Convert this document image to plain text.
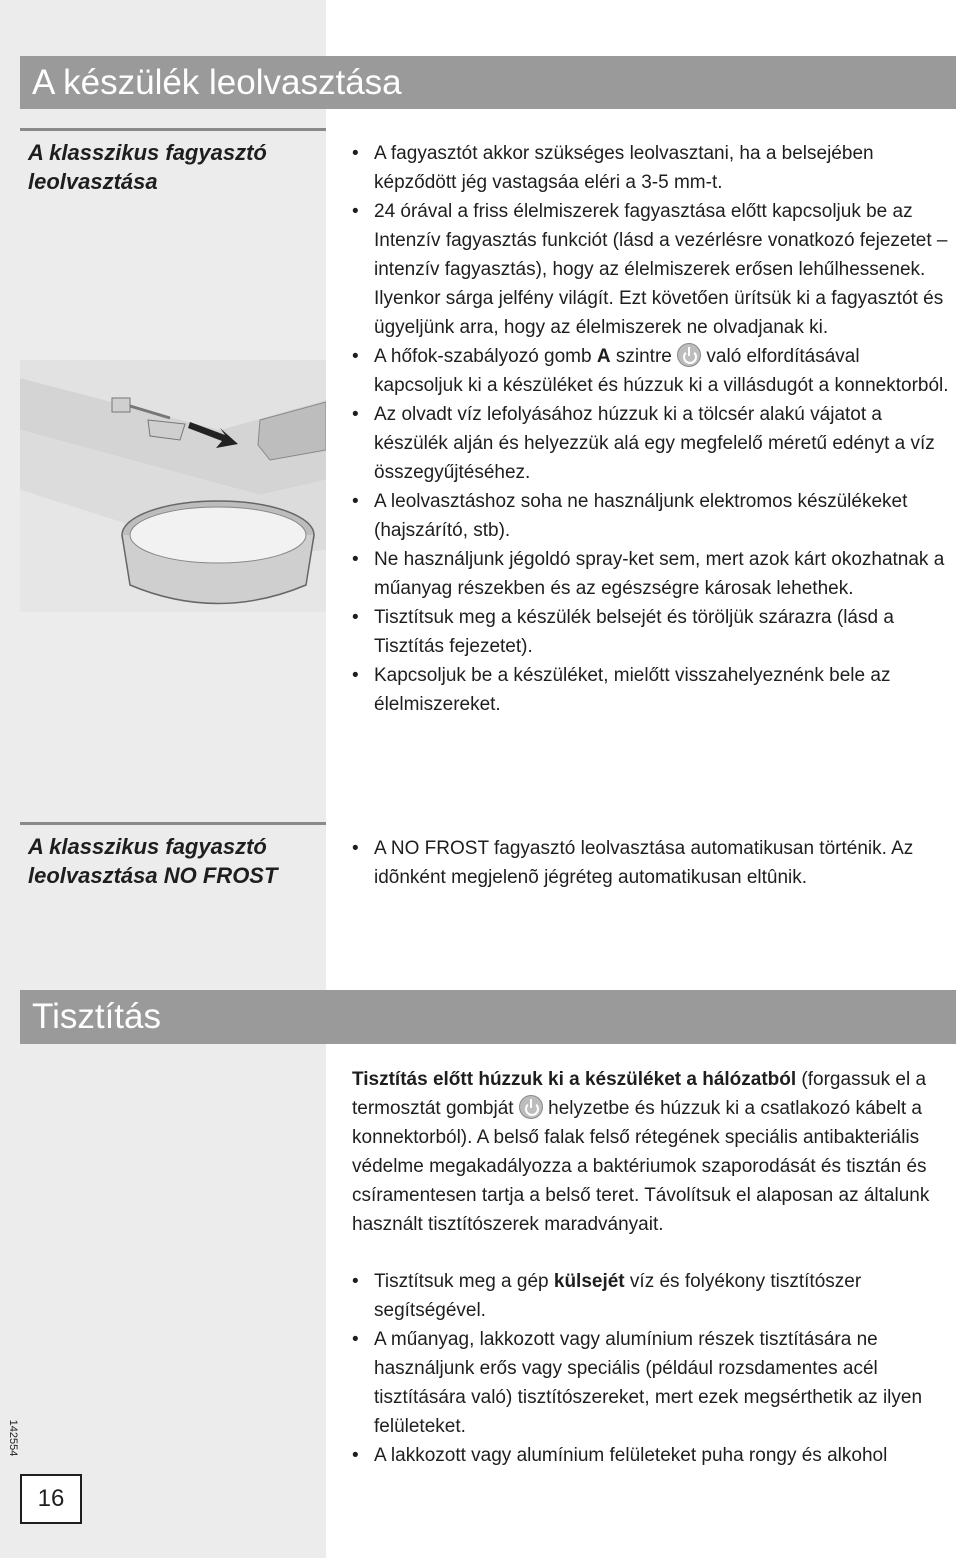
A készülék leolvasztása
A klasszikus fagyasztó
leolvasztása
• A fagyasztót akkor szükséges leolvasztani, ha a belsejében képződött jég vastagsáa eléri a 3-5 mm-t.
• 24 órával a friss élelmiszerek fagyasztása előtt kapcsoljuk be az Intenzív fagyasztás funkciót (lásd a vezérlésre vonatkozó fejezetet – intenzív fagyasztás), hogy az élelmiszerek erősen lehűlhessenek. Ilyenkor sárga jelfény világít. Ezt követően ürítsük ki a fagyasztót és ügyeljünk arra, hogy az élelmiszerek ne olvadjanak ki.
• A hőfok-szabályozó gomb A szintre  való elfordításával kapcsoljuk ki a készüléket és húzzuk ki a villásdugót a konnektorból.
• Az olvadt víz lefolyásához húzzuk ki a tölcsér alakú vájatot a készülék alján és helyezzük alá egy megfelelő méretű edényt a víz összegyűjtéséhez.
• A leolvasztáshoz soha ne használjunk elektromos készülékeket (hajszárító, stb).
• Ne használjunk jégoldó spray-ket sem, mert azok kárt okozhatnak a műanyag részekben és az egészségre károsak lehethek.
• Tisztítsuk meg a készülék belsejét és töröljük szárazra (lásd a Tisztítás fejezetet).
• Kapcsoljuk be a készüléket, mielőtt visszahelyeznénk bele az élelmiszereket.
A klasszikus fagyasztó
leolvasztása NO FROST
• A NO FROST fagyasztó leolvasztása automatikusan történik. Az idõnként megjelenõ jégréteg automatikusan eltûnik.
Tisztítás
Tisztítás előtt húzzuk ki a készüléket a hálózatból (forgassuk el a termosztát gombját  helyzetbe és húzzuk ki a csatlakozó kábelt a konnektorból). A belső falak felső rétegének speciális antibakteriális védelme megakadályozza a baktériumok szaporodását és tisztán és csíramentesen tartja a belső teret. Távolítsuk el alaposan az általunk használt tisztítószerek maradványait.
• Tisztítsuk meg a gép külsejét víz és folyékony tisztítószer segítségével.
• A műanyag, lakkozott vagy alumínium részek tisztítására ne használjunk erős vagy speciális (például rozsdamentes acél tisztítására való) tisztítószereket, mert ezek megsérthetik az ilyen felületeket.
• A lakkozott vagy alumínium felületeket puha rongy és alkohol
142554
16
